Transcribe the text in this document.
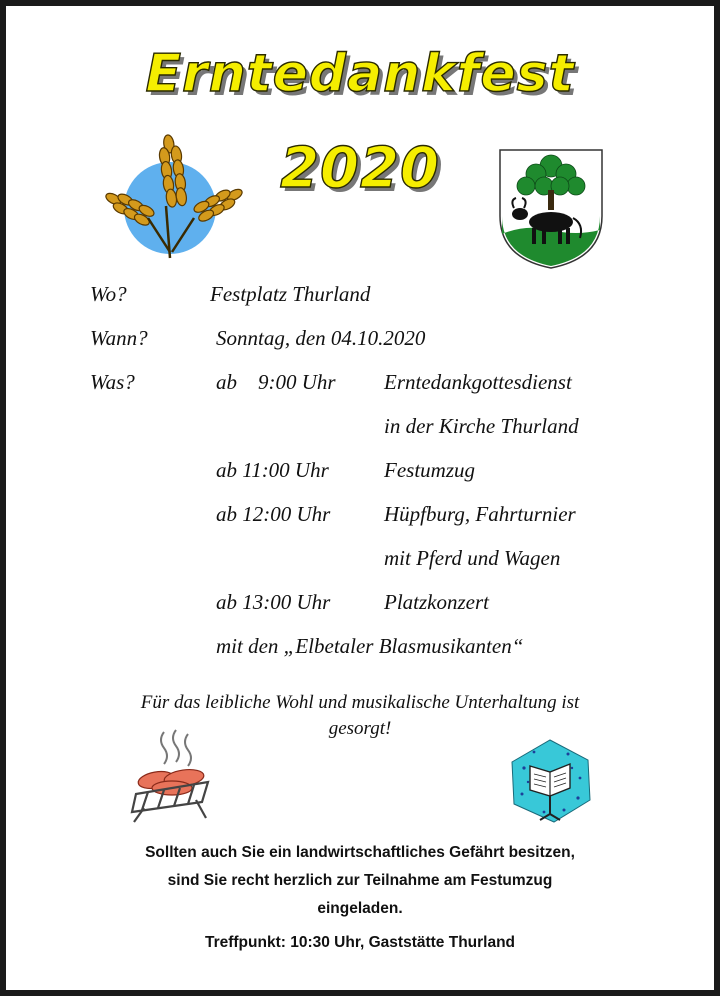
Erntedankfest
2020
Wo?	Festplatz Thurland
Wann?	Sonntag, den 04.10.2020
Was?	ab    9:00 Uhr Erntedankgottesdienst
in der Kirche Thurland
ab 11:00 Uhr	Festumzug
ab 12:00 Uhr	Hüpfburg, Fahrturnier
mit Pferd und Wagen
ab 13:00 Uhr	Platzkonzert
mit den „Elbetaler Blasmusikanten“
Für das leibliche Wohl und musikalische Unterhaltung ist
gesorgt!
Sollten auch Sie ein landwirtschaftliches Gefährt besitzen,
sind Sie recht herzlich zur Teilnahme am Festumzug
eingeladen.
Treffpunkt: 10:30 Uhr, Gaststätte Thurland
